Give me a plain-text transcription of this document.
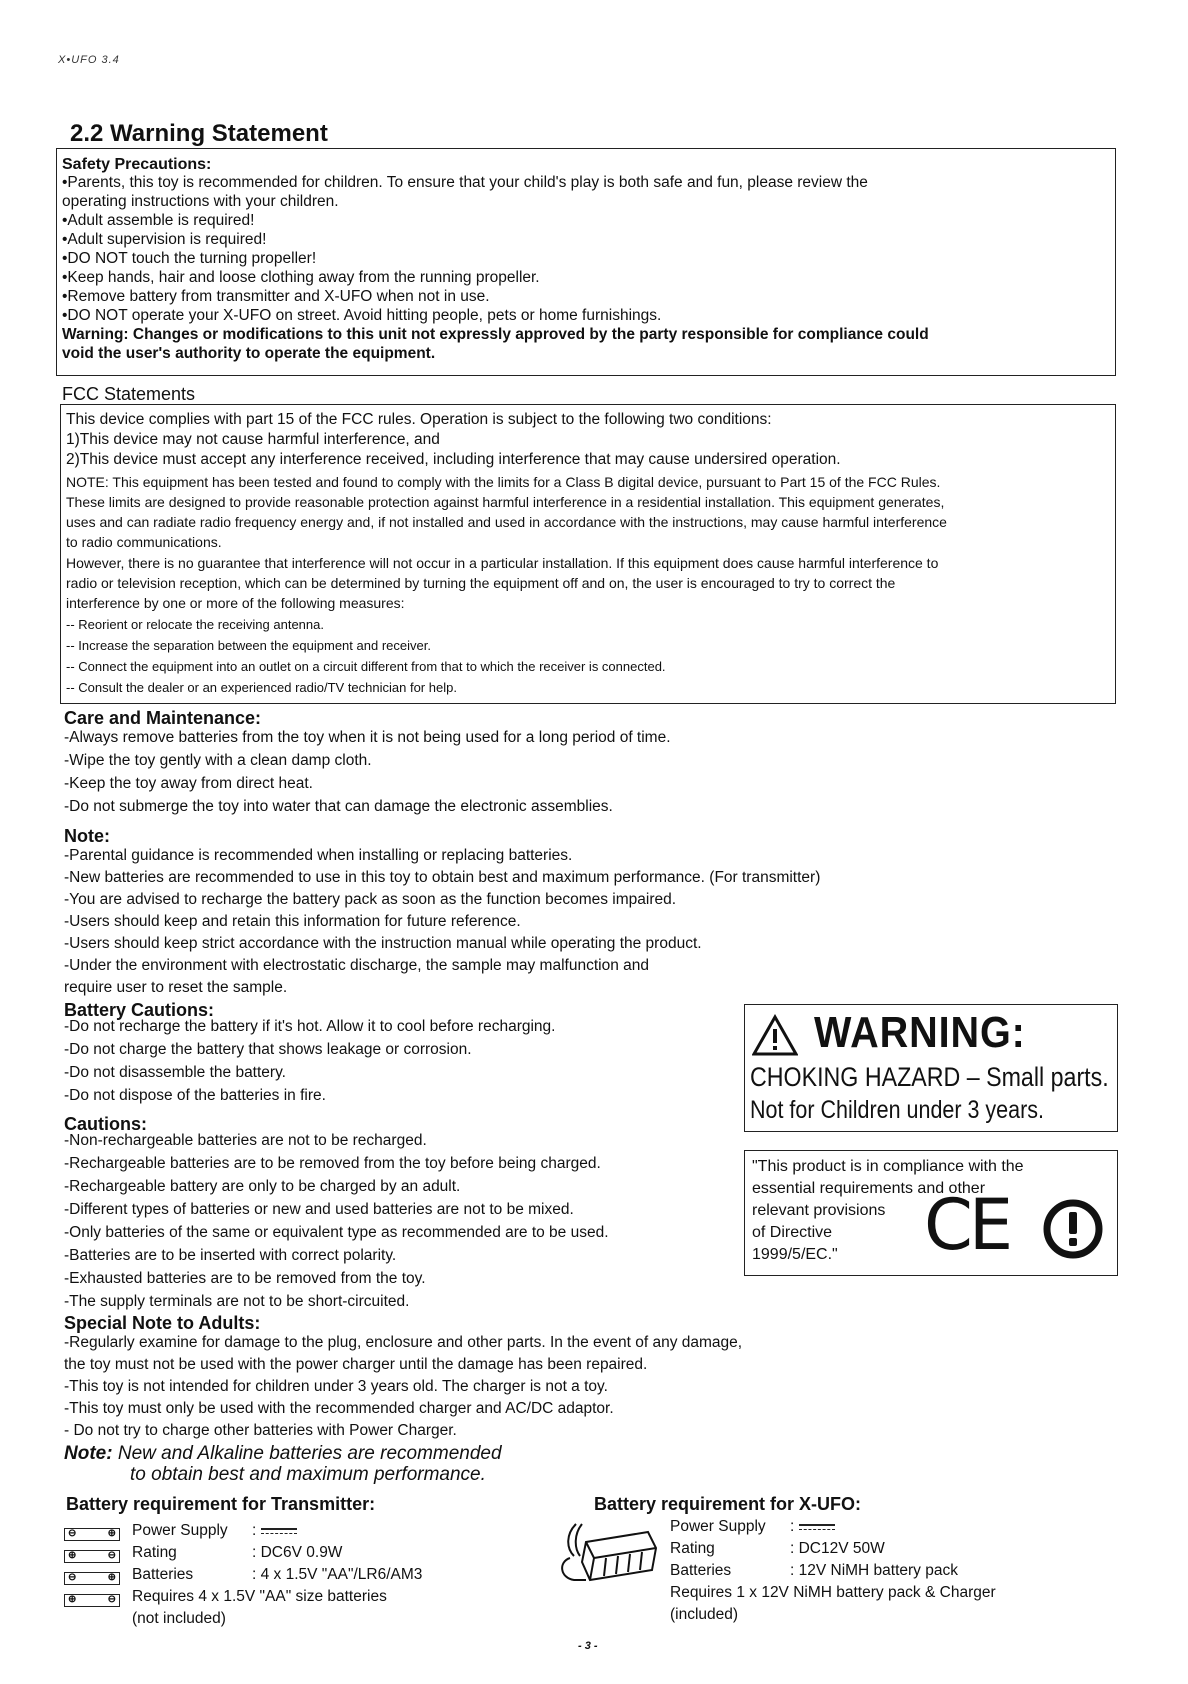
X•UFO 3.4
2.2 Warning Statement
Safety Precautions:
•Parents, this toy is recommended for children. To ensure that your child's play is both safe and fun, please review the
operating instructions with your children.
•Adult assemble is required!
•Adult supervision is required!
•DO NOT touch the turning propeller!
•Keep hands, hair and loose clothing away from the running propeller.
•Remove battery from transmitter and X-UFO when not in use.
•DO NOT operate your X-UFO on street. Avoid hitting people, pets or home furnishings.
Warning: Changes or modifications to this unit not expressly approved by the party responsible for compliance could
void the user's authority to operate the equipment.
FCC Statements
This device complies with part 15 of the FCC rules. Operation is subject to the following two conditions:
1)This device may not cause harmful interference, and
2)This device must accept any interference received, including interference that may cause undersired operation.
NOTE: This equipment has been tested and found to comply with the limits for a Class B digital device, pursuant to Part 15 of the FCC Rules.
These limits are designed to provide reasonable protection against harmful interference in a residential installation. This equipment generates,
uses and can radiate radio frequency energy and, if not installed and used in accordance with the instructions, may cause harmful interference
to radio communications.
However, there is no guarantee that interference will not occur in a particular installation. If this equipment does cause harmful interference to
radio or television reception, which can be determined by turning the equipment off and on, the user is encouraged to try to correct the
interference by one or more of the following measures:
-- Reorient or relocate the receiving antenna.
-- Increase the separation between the equipment and receiver.
-- Connect the equipment into an outlet on a circuit different from that to which the receiver is connected.
-- Consult the dealer or an experienced radio/TV technician for help.
Care and Maintenance:
-Always remove batteries from the toy when it is not being used for a long period of time.
-Wipe the toy gently with a clean damp cloth.
-Keep the toy away from direct heat.
-Do not submerge the toy into water that can damage the electronic assemblies.
Note:
-Parental guidance is recommended when installing or replacing batteries.
-New batteries are recommended to use in this toy to obtain best and maximum performance. (For transmitter)
-You are advised to recharge the battery pack as soon as the function becomes impaired.
-Users should keep and retain this information for future reference.
-Users should keep strict accordance with the instruction manual while operating the product.
-Under the environment with electrostatic discharge, the sample may malfunction and
require user to reset the sample.
Battery Cautions:
-Do not recharge the battery if it's hot. Allow it to cool before recharging.
-Do not charge the battery that shows leakage or corrosion.
-Do not disassemble the battery.
-Do not dispose of the batteries in fire.
WARNING:
CHOKING HAZARD – Small parts.
Not for Children under 3 years.
Cautions:
-Non-rechargeable batteries are not to be recharged.
-Rechargeable batteries are to be removed from the toy before being charged.
-Rechargeable battery are only to be charged by an adult.
-Different types of batteries or new and used batteries are not to be mixed.
-Only batteries of the same or equivalent type as recommended are to be used.
-Batteries are to be inserted with correct polarity.
-Exhausted batteries are to be removed from the toy.
-The supply terminals are not to be short-circuited.
"This product is in compliance with the
essential requirements and other
relevant provisions
of Directive
1999/5/EC." CE
Special Note to Adults:
-Regularly examine for damage to the plug, enclosure and other parts. In the event of any damage,
the toy must not be used with the power charger until the damage has been repaired.
-This toy is not intended for children under 3 years old. The charger is not a toy.
-This toy must only be used with the recommended charger and AC/DC adaptor.
- Do not try to charge other batteries with Power Charger.
Note: New and Alkaline batteries are recommended
to obtain best and maximum performance.
Battery requirement for Transmitter:
⊖	⊕ Power Supply :
⊕	⊖ Rating	: DC6V 0.9W
⊖	⊕ Batteries	: 4 x 1.5V "AA"/LR6/AM3
⊕	⊖ Requires 4 x 1.5V "AA" size batteries
(not included)
Battery requirement for X-UFO:
Power Supply :
Rating	: DC12V 50W
Batteries	: 12V NiMH battery pack
Requires 1 x 12V NiMH battery pack & Charger
(included)
- 3 -
